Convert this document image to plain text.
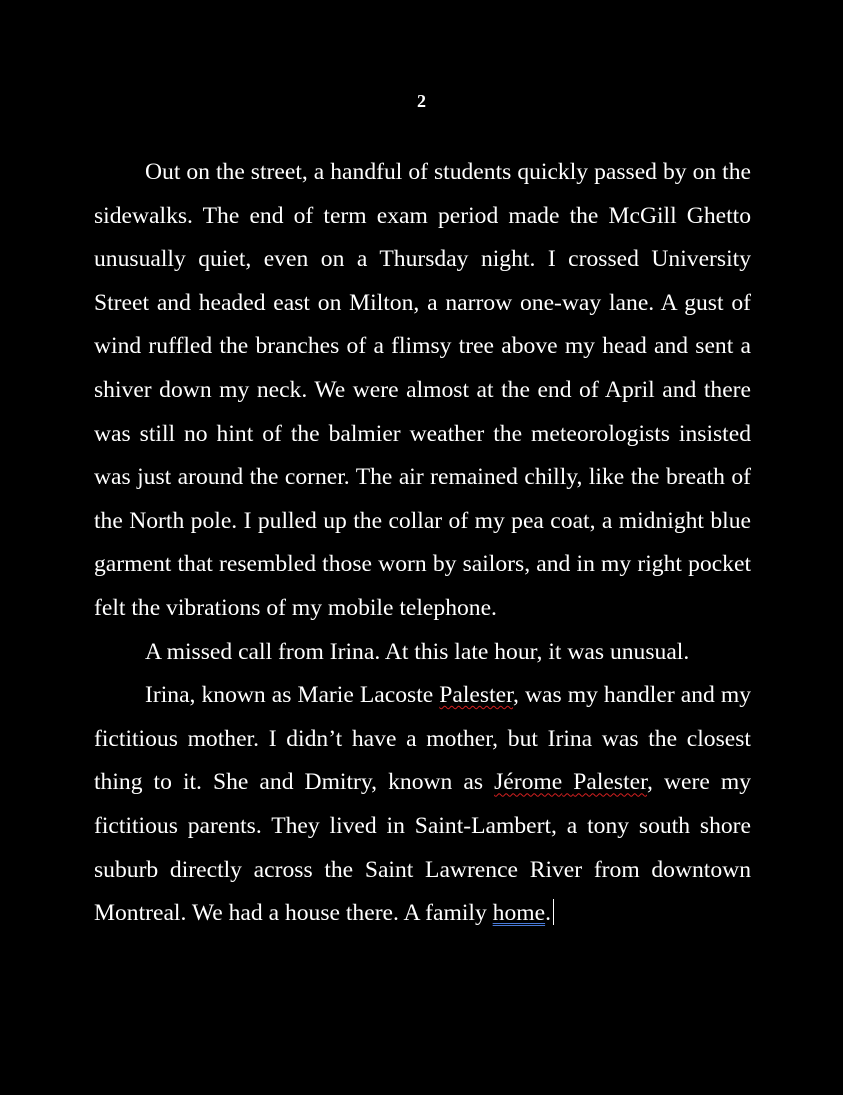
2

Out on the street, a handful of students quickly passed by on the sidewalks. The end of term exam period made the McGill Ghetto unusually quiet, even on a Thursday night. I crossed University Street and headed east on Milton, a narrow one-way lane. A gust of wind ruffled the branches of a flimsy tree above my head and sent a shiver down my neck. We were almost at the end of April and there was still no hint of the balmier weather the meteorologists insisted was just around the corner. The air remained chilly, like the breath of the North pole. I pulled up the collar of my pea coat, a midnight blue garment that resembled those worn by sailors, and in my right pocket felt the vibrations of my mobile telephone.

A missed call from Irina. At this late hour, it was unusual.

Irina, known as Marie Lacoste Palester, was my handler and my fictitious mother. I didn’t have a mother, but Irina was the closest thing to it. She and Dmitry, known as Jérome Palester, were my fictitious parents. They lived in Saint-Lambert, a tony south shore suburb directly across the Saint Lawrence River from downtown Montreal. We had a house there. A family home.
